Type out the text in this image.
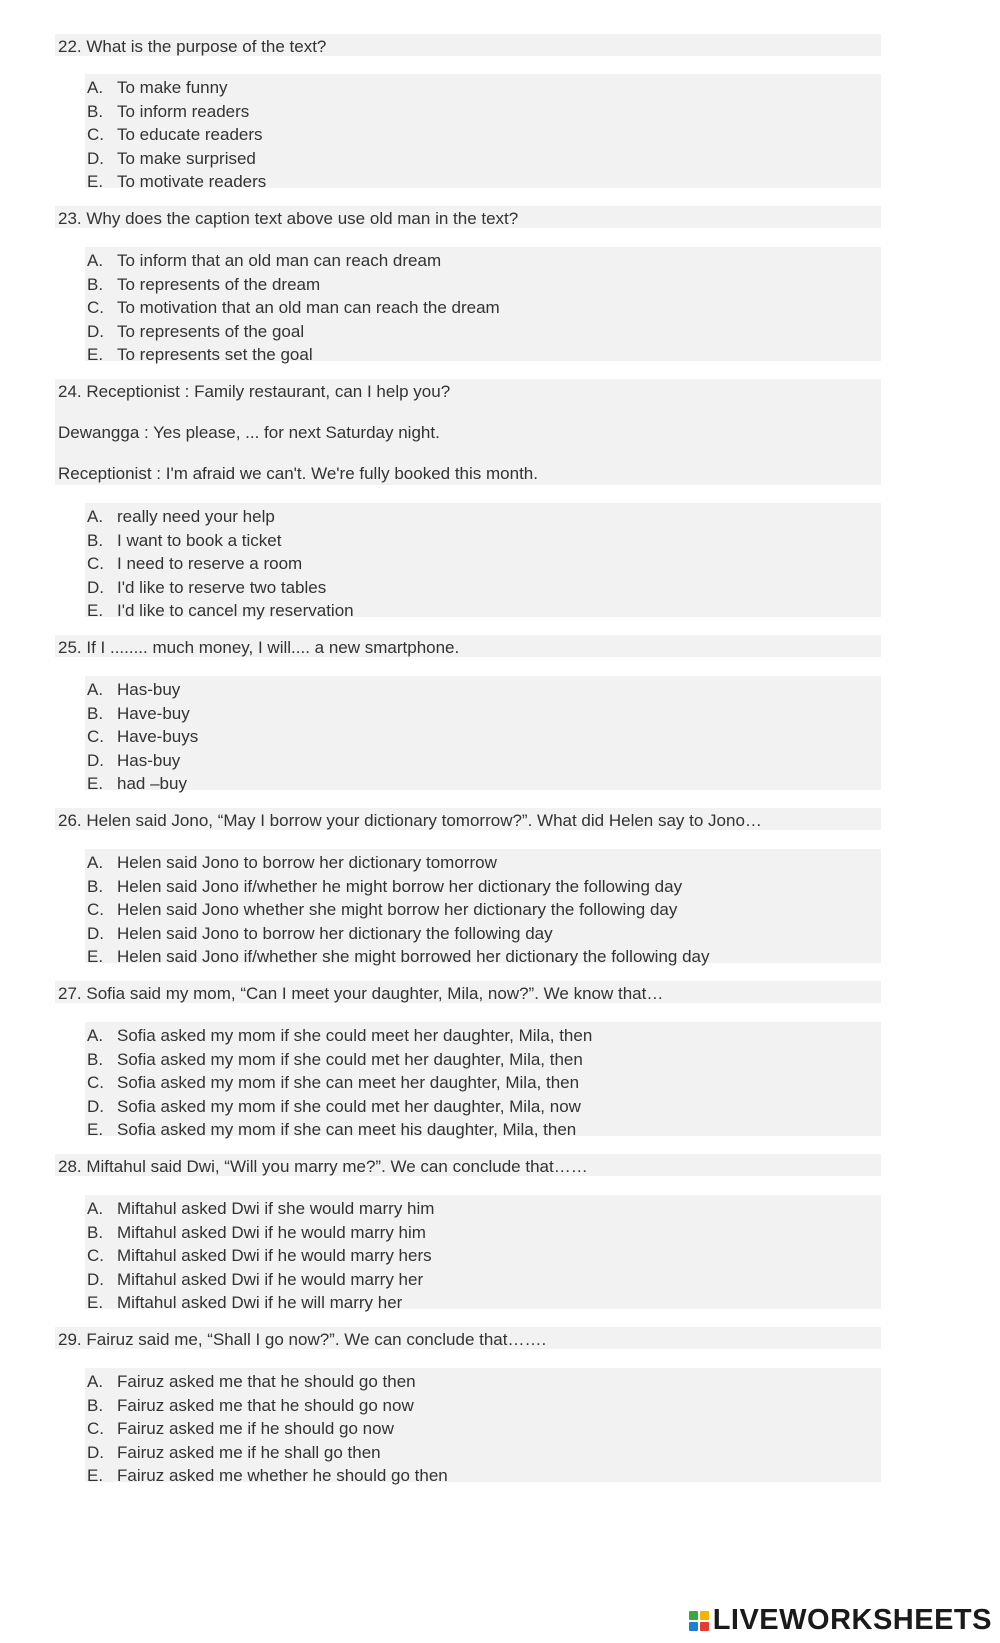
22. What is the purpose of the text?
A. To make funny
B. To inform readers
C. To educate readers
D. To make surprised
E. To motivate readers
23. Why does the caption text above use old man in the text?
A. To inform that an old man can reach dream
B. To represents of the dream
C. To motivation that an old man can reach the dream
D. To represents of the goal
E. To represents set the goal
24. Receptionist : Family restaurant, can I help you?
Dewangga : Yes please, ... for next Saturday night.
Receptionist : I'm afraid we can't. We're fully booked this month.
A. really need your help
B. I want to book a ticket
C. I need to reserve a room
D. I'd like to reserve two tables
E. I'd like to cancel my reservation
25. If I ........ much money, I will.... a new smartphone.
A. Has-buy
B. Have-buy
C. Have-buys
D. Has-buy
E. had –buy
26. Helen said Jono, “May I borrow your dictionary tomorrow?”. What did Helen say to Jono…
A. Helen said Jono to borrow her dictionary tomorrow
B. Helen said Jono if/whether he might borrow her dictionary the following day
C. Helen said Jono whether she might borrow her dictionary the following day
D. Helen said Jono to borrow her dictionary the following day
E. Helen said Jono if/whether she might borrowed her dictionary the following day
27. Sofia said my mom, “Can I meet your daughter, Mila, now?”. We know that…
A. Sofia asked my mom if she could meet her daughter, Mila, then
B. Sofia asked my mom if she could met her daughter, Mila, then
C. Sofia asked my mom if she can meet her daughter, Mila, then
D. Sofia asked my mom if she could met her daughter, Mila, now
E. Sofia asked my mom if she can meet his daughter, Mila, then
28. Miftahul said Dwi, “Will you marry me?”. We can conclude that……
A. Miftahul asked Dwi if she would marry him
B. Miftahul asked Dwi if he would marry him
C. Miftahul asked Dwi if he would marry hers
D. Miftahul asked Dwi if he would marry her
E. Miftahul asked Dwi if he will marry her
29. Fairuz said me, “Shall I go now?”. We can conclude that…….
A. Fairuz asked me that he should go then
B. Fairuz asked me that he should go now
C. Fairuz asked me if he should go now
D. Fairuz asked me if he shall go then
E. Fairuz asked me whether he should go then
LIVEWORKSHEETS
